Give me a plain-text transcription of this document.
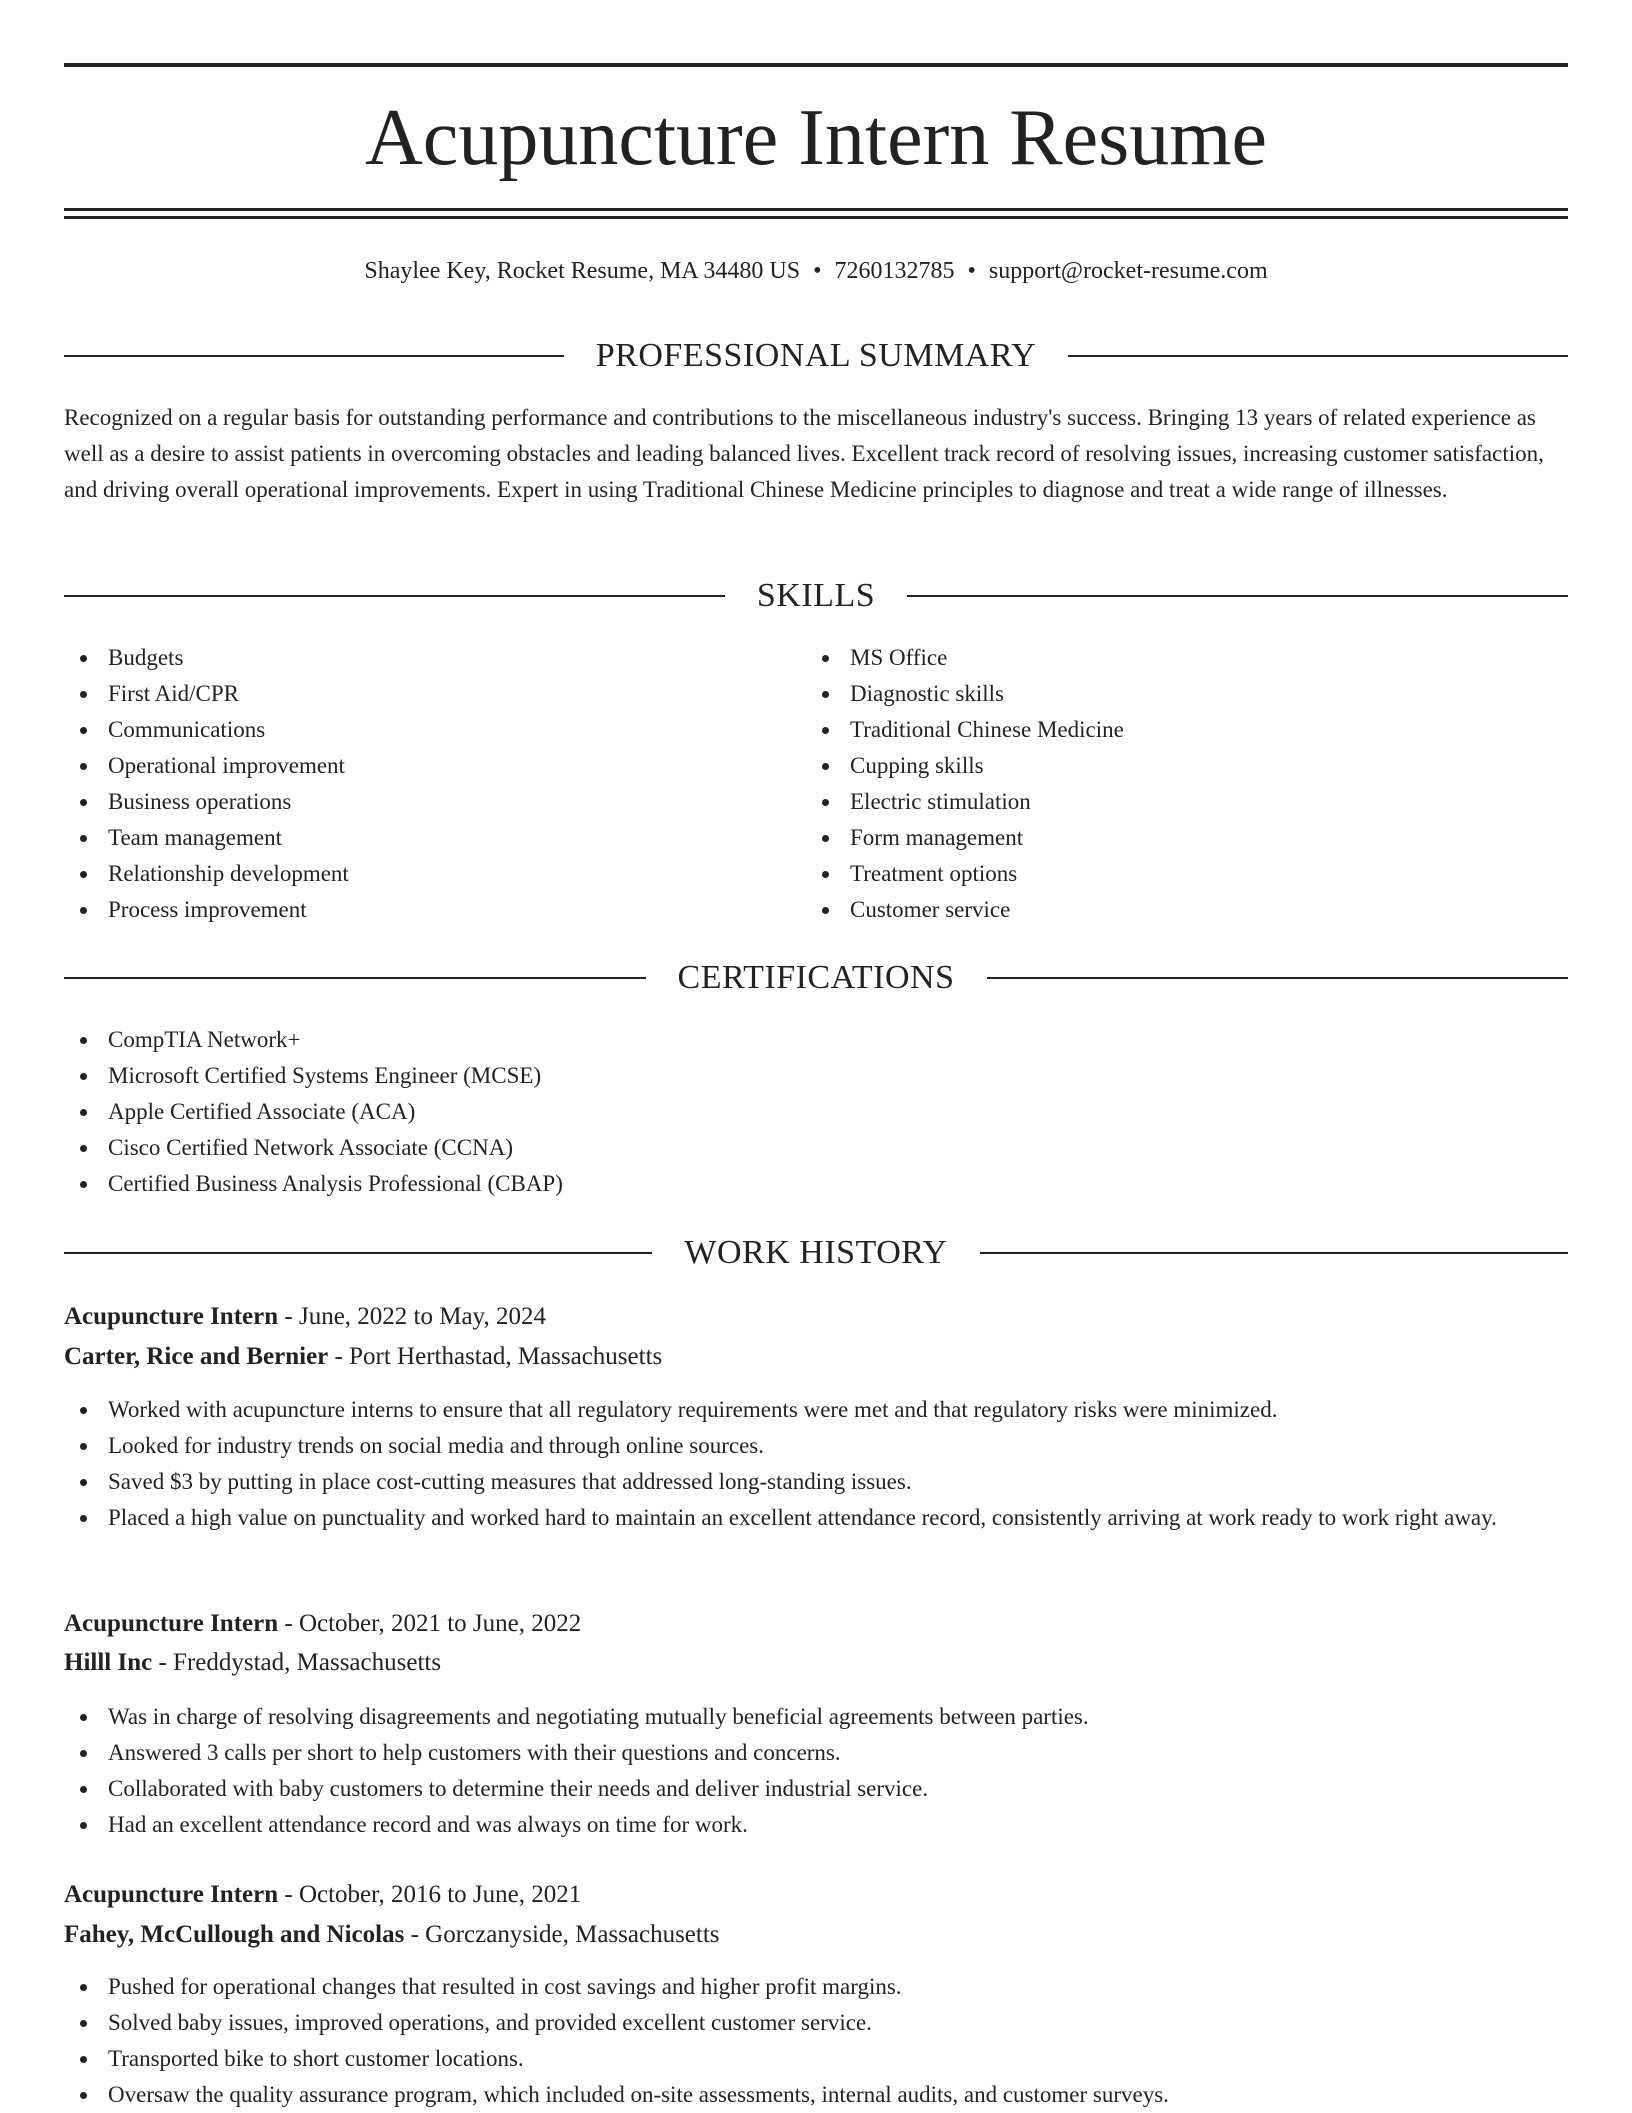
Acupuncture Intern Resume
Shaylee Key, Rocket Resume, MA 34480 US • 7260132785 • support@rocket-resume.com
PROFESSIONAL SUMMARY

Recognized on a regular basis for outstanding performance and contributions to the miscellaneous industry's success. Bringing 13 years of related experience as well as a desire to assist patients in overcoming obstacles and leading balanced lives. Excellent track record of resolving issues, increasing customer satisfaction, and driving overall operational improvements. Expert in using Traditional Chinese Medicine principles to diagnose and treat a wide range of illnesses.

SKILLS
Budgets
First Aid/CPR
Communications
Operational improvement
Business operations
Team management
Relationship development
Process improvement
MS Office
Diagnostic skills
Traditional Chinese Medicine
Cupping skills
Electric stimulation
Form management
Treatment options
Customer service
CERTIFICATIONS
CompTIA Network+
Microsoft Certified Systems Engineer (MCSE)
Apple Certified Associate (ACA)
Cisco Certified Network Associate (CCNA)
Certified Business Analysis Professional (CBAP)
WORK HISTORY
Acupuncture Intern - June, 2022 to May, 2024
Carter, Rice and Bernier - Port Herthastad, Massachusetts
Worked with acupuncture interns to ensure that all regulatory requirements were met and that regulatory risks were minimized.
Looked for industry trends on social media and through online sources.
Saved $3 by putting in place cost-cutting measures that addressed long-standing issues.
Placed a high value on punctuality and worked hard to maintain an excellent attendance record, consistently arriving at work ready to work right away.
Acupuncture Intern - October, 2021 to June, 2022
Hilll Inc - Freddystad, Massachusetts
Was in charge of resolving disagreements and negotiating mutually beneficial agreements between parties.
Answered 3 calls per short to help customers with their questions and concerns.
Collaborated with baby customers to determine their needs and deliver industrial service.
Had an excellent attendance record and was always on time for work.
Acupuncture Intern - October, 2016 to June, 2021
Fahey, McCullough and Nicolas - Gorczanyside, Massachusetts
Pushed for operational changes that resulted in cost savings and higher profit margins.
Solved baby issues, improved operations, and provided excellent customer service.
Transported bike to short customer locations.
Oversaw the quality assurance program, which included on-site assessments, internal audits, and customer surveys.
